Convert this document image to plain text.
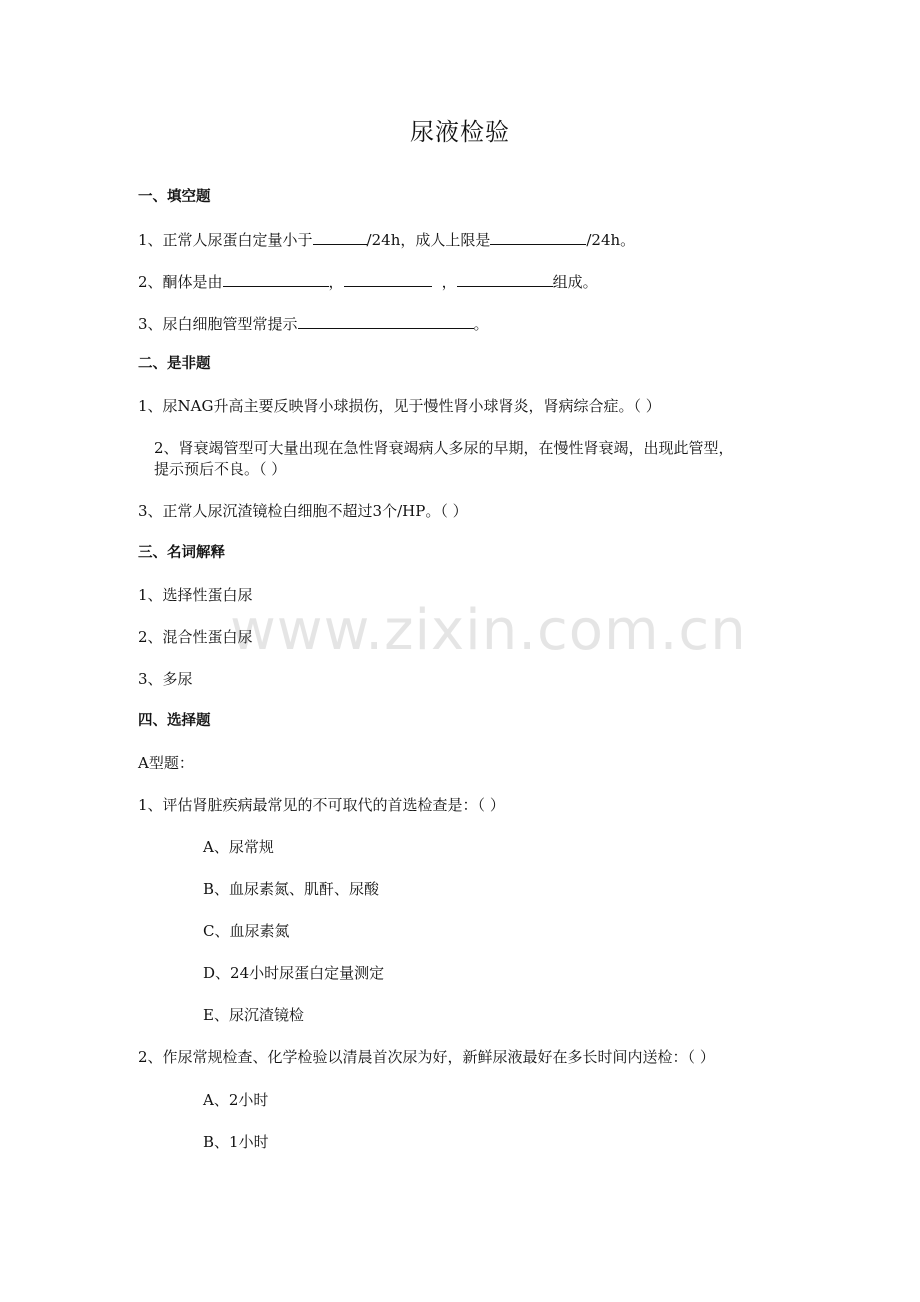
尿液检验
www.zixin.com.cn
一、填空题
1、正常人尿蛋白定量小于	/24h，成人上限是	/24h。
2、酮体是由	，	，	组成。
3、尿白细胞管型常提示	。
二、是非题
1、尿NAG升高主要反映肾小球损伤，见于慢性肾小球肾炎，肾病综合症。（ ）
2、肾衰竭管型可大量出现在急性肾衰竭病人多尿的早期，在慢性肾衰竭，出现此管型，
提示预后不良。（ ）
3、正常人尿沉渣镜检白细胞不超过3个/HP。（ ）
三、名词解释
1、选择性蛋白尿
2、混合性蛋白尿
3、多尿
四、选择题
A型题：
1、评估肾脏疾病最常见的不可取代的首选检查是：（ ）
A、尿常规
B、血尿素氮、肌酐、尿酸
C、血尿素氮
D、24小时尿蛋白定量测定
E、尿沉渣镜检
2、作尿常规检查、化学检验以清晨首次尿为好，新鲜尿液最好在多长时间内送检：（ ）
A、2小时
B、1小时
